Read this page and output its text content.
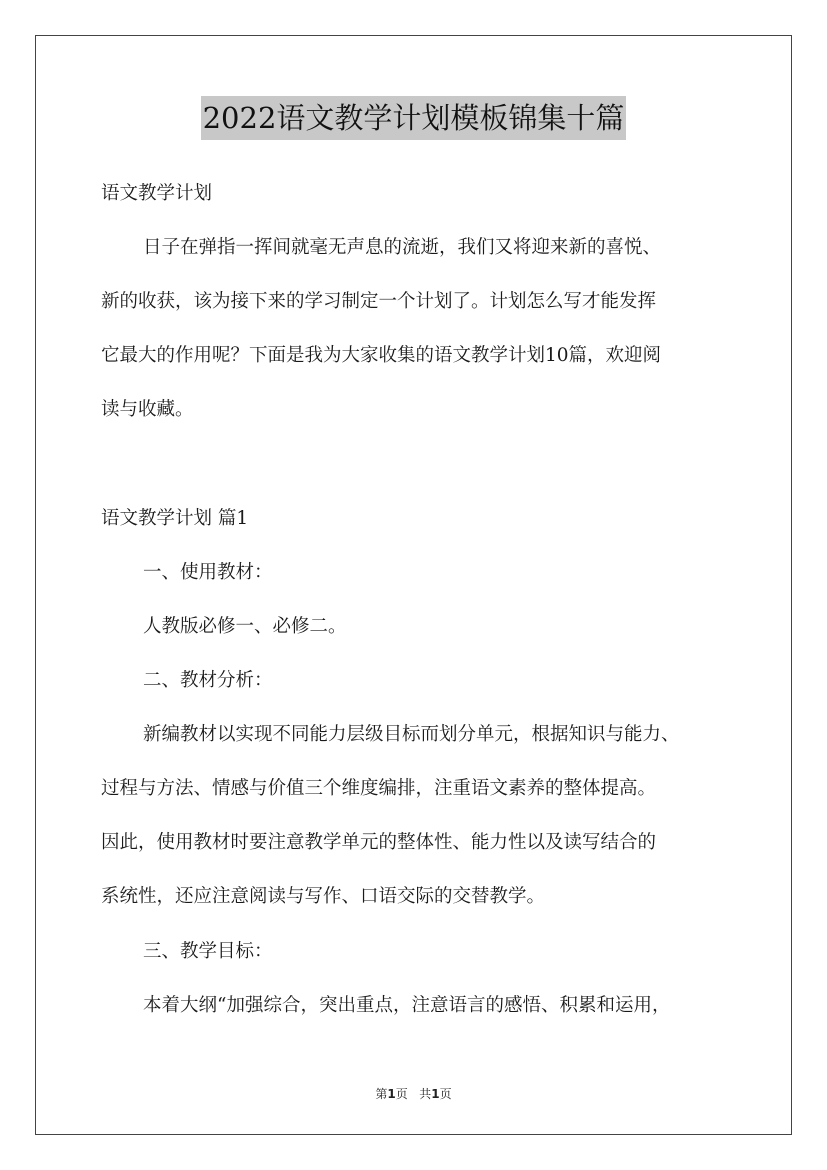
2022语文教学计划模板锦集十篇
语文教学计划
日子在弹指一挥间就毫无声息的流逝，我们又将迎来新的喜悦、
新的收获，该为接下来的学习制定一个计划了。计划怎么写才能发挥
它最大的作用呢？下面是我为大家收集的语文教学计划10篇，欢迎阅
读与收藏。
语文教学计划 篇1
一、使用教材：
人教版必修一、必修二。
二、教材分析：
新编教材以实现不同能力层级目标而划分单元，根据知识与能力、
过程与方法、情感与价值三个维度编排，注重语文素养的整体提高。
因此，使用教材时要注意教学单元的整体性、能力性以及读写结合的
系统性，还应注意阅读与写作、口语交际的交替教学。
三、教学目标：
本着大纲“加强综合，突出重点，注意语言的感悟、积累和运用，
第1页 共1页
